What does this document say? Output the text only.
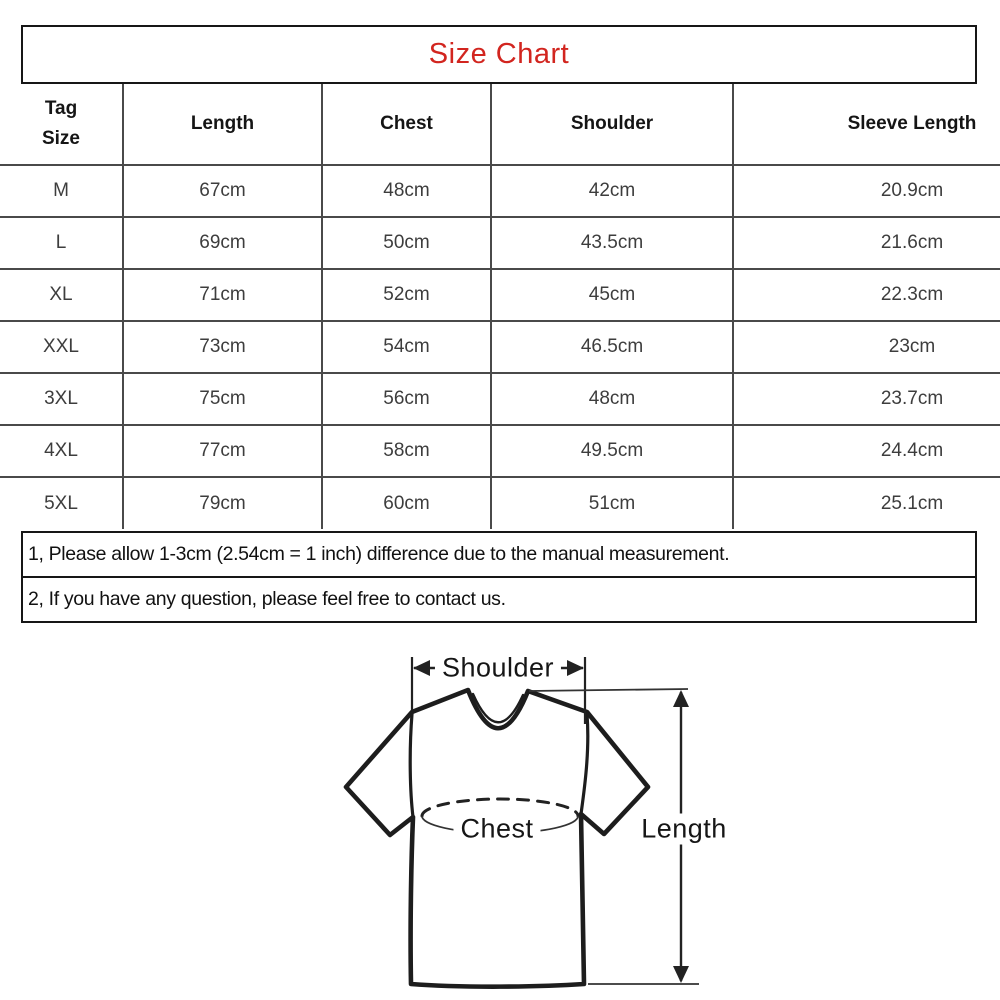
Size Chart
Tag Size	Length	Chest	Shoulder	Sleeve Length
M	67cm	48cm	42cm	20.9cm
L	69cm	50cm	43.5cm	21.6cm
XL	71cm	52cm	45cm	22.3cm
XXL	73cm	54cm	46.5cm	23cm
3XL	75cm	56cm	48cm	23.7cm
4XL	77cm	58cm	49.5cm	24.4cm
5XL	79cm	60cm	51cm	25.1cm
1, Please allow 1-3cm (2.54cm = 1 inch) difference due to the manual measurement.
2, If you have any question, please feel free to contact us.
Shoulder
Chest	Length
